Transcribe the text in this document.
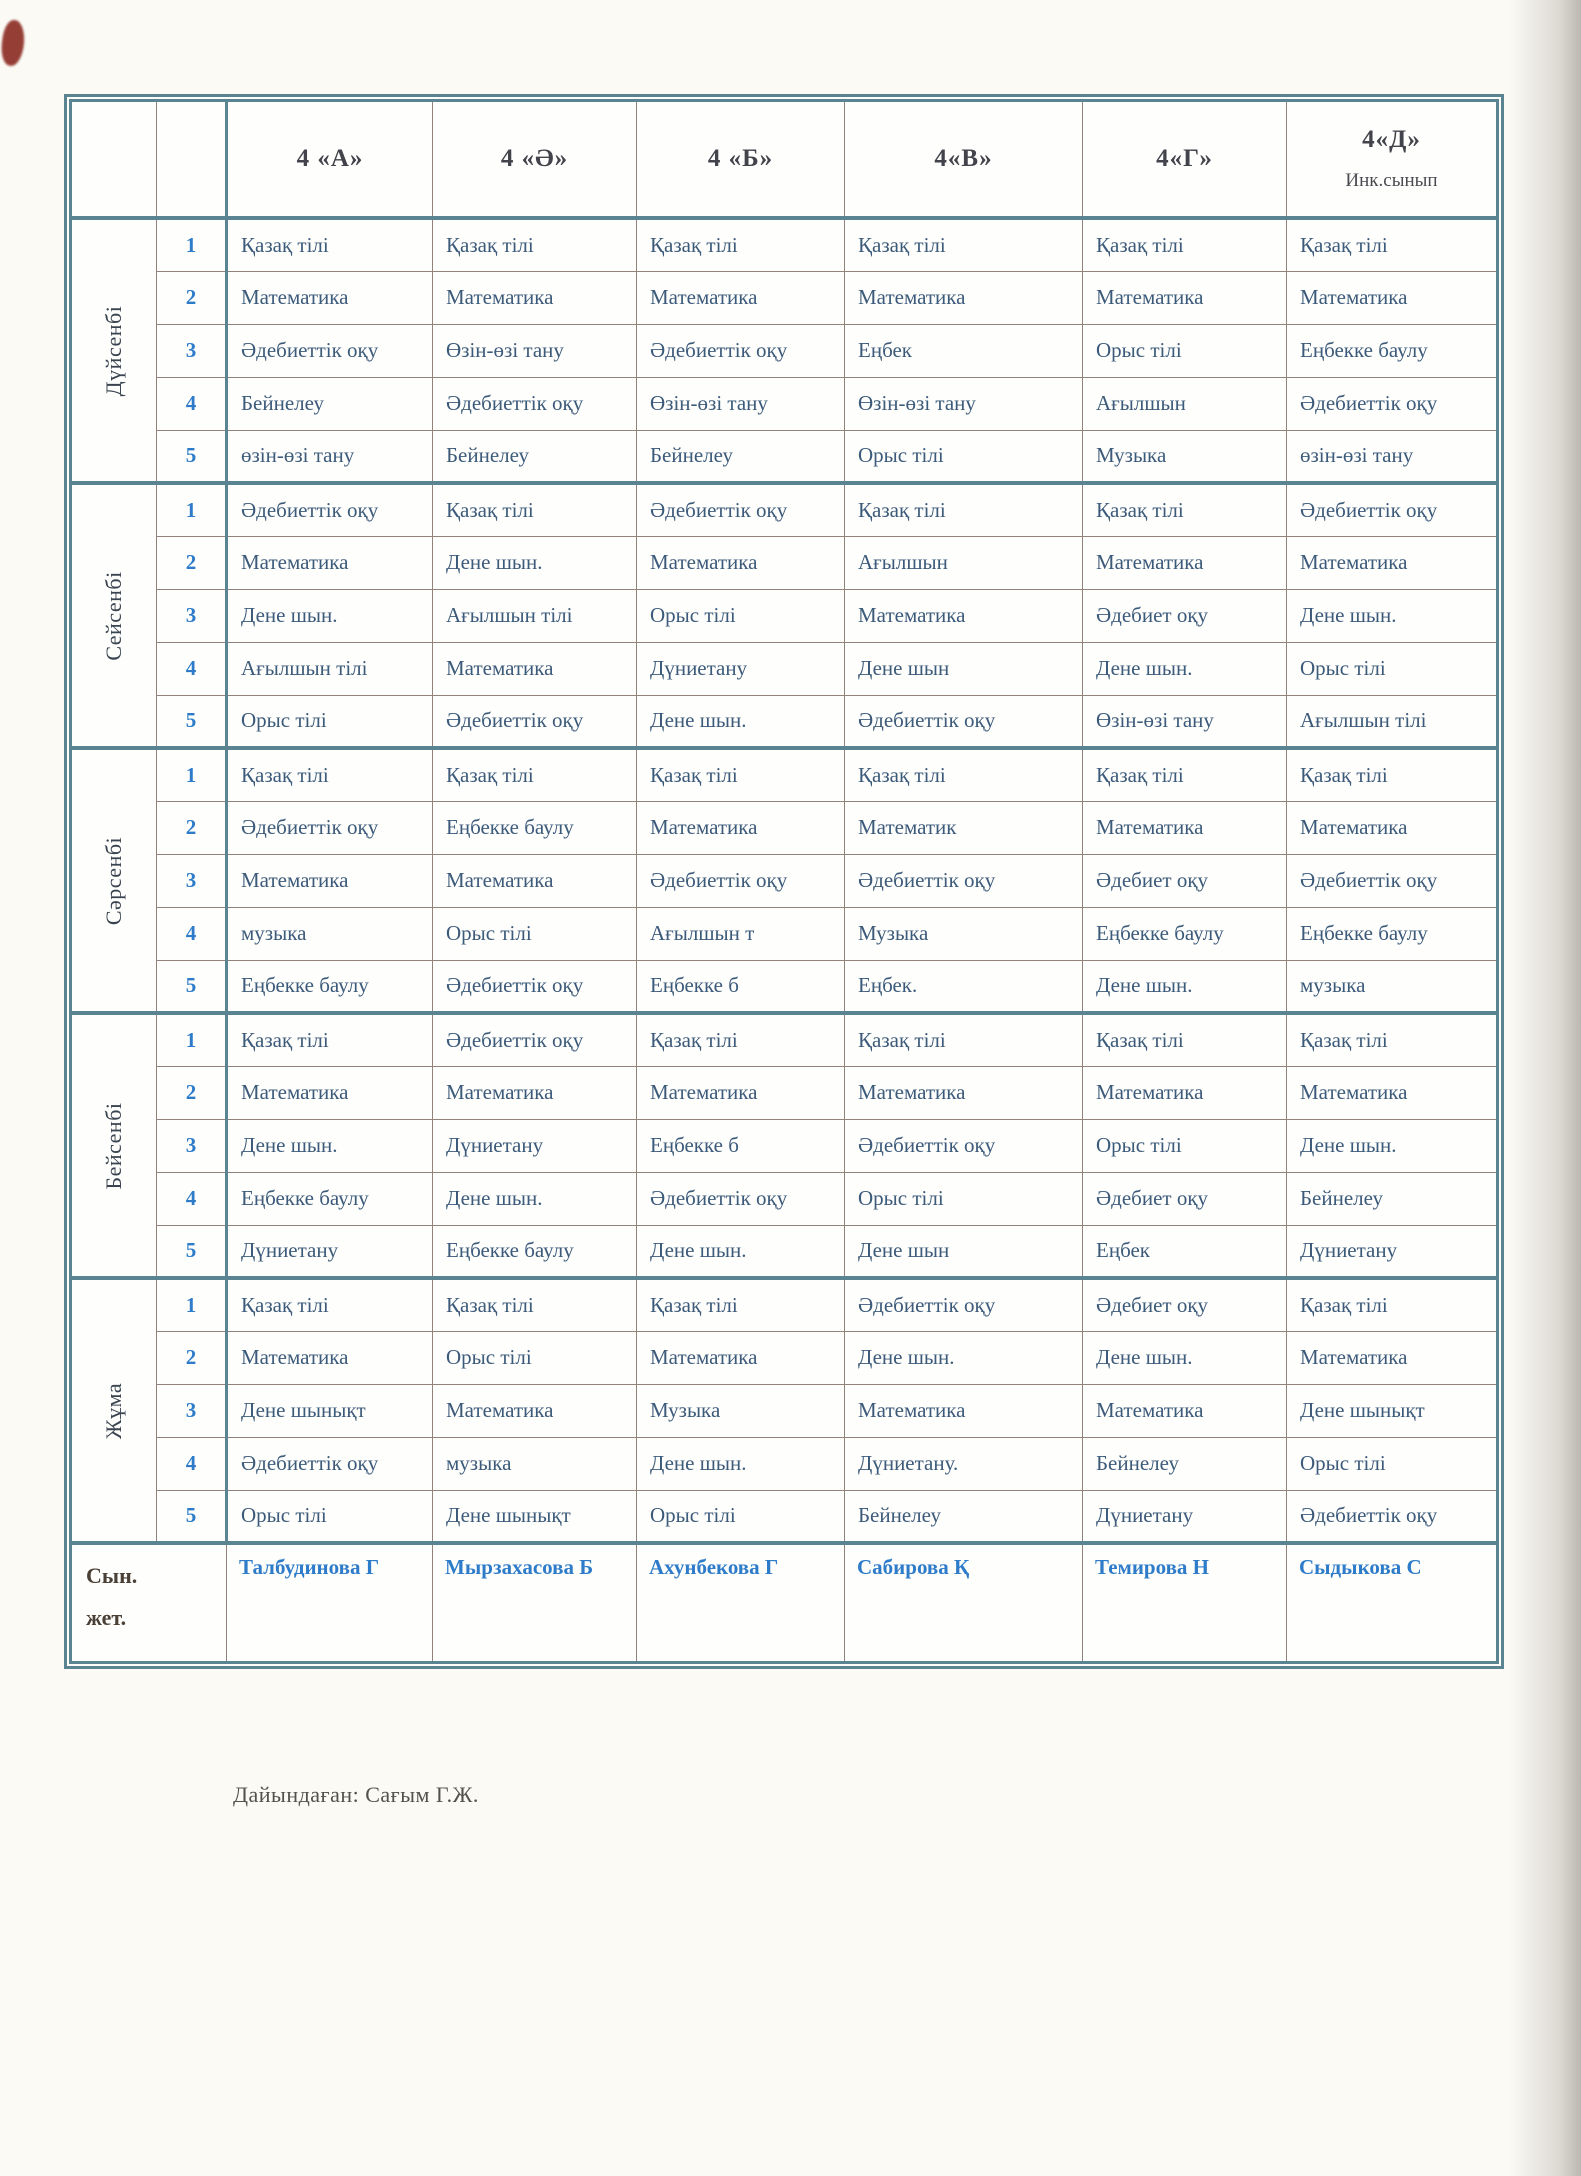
		4 «А»	4 «Ә»	4 «Б»	4«В»	4«Г»	4«Д»
Инк.сынып

Дүйсенбі	1	Қазақ тілі	Қазақ тілі	Қазақ тілі	Қазақ тілі	Қазақ тілі	Қазақ тілі
	2	Математика	Математика	Математика	Математика	Математика	Математика
	3	Әдебиеттік оқу	Өзін-өзі тану	Әдебиеттік оқу	Еңбек	Орыс тілі	Еңбекке баулу
	4	Бейнелеу	Әдебиеттік оқу	Өзін-өзі тану	Өзін-өзі тану	Ағылшын	Әдебиеттік оқу
	5	өзін-өзі тану	Бейнелеу	Бейнелеу	Орыс тілі	Музыка	өзін-өзі тану

Сейсенбі	1	Әдебиеттік оқу	Қазақ тілі	Әдебиеттік оқу	Қазақ тілі	Қазақ тілі	Әдебиеттік оқу
	2	Математика	Дене шын.	Математика	Ағылшын	Математика	Математика
	3	Дене шын.	Ағылшын тілі	Орыс тілі	Математика	Әдебиет оқу	Дене шын.
	4	Ағылшын тілі	Математика	Дүниетану	Дене шын	Дене шын.	Орыс тілі
	5	Орыс тілі	Әдебиеттік оқу	Дене шын.	Әдебиеттік оқу	Өзін-өзі тану	Ағылшын тілі

Сәрсенбі	1	Қазақ тілі	Қазақ тілі	Қазақ тілі	Қазақ тілі	Қазақ тілі	Қазақ тілі
	2	Әдебиеттік оқу	Еңбекке баулу	Математика	Математик	Математика	Математика
	3	Математика	Математика	Әдебиеттік оқу	Әдебиеттік оқу	Әдебиет оқу	Әдебиеттік оқу
	4	музыка	Орыс тілі	Ағылшын т	Музыка	Еңбекке баулу	Еңбекке баулу
	5	Еңбекке баулу	Әдебиеттік оқу	Еңбекке б	Еңбек.	Дене шын.	музыка

Бейсенбі	1	Қазақ тілі	Әдебиеттік оқу	Қазақ тілі	Қазақ тілі	Қазақ тілі	Қазақ тілі
	2	Математика	Математика	Математика	Математика	Математика	Математика
	3	Дене шын.	Дүниетану	Еңбекке б	Әдебиеттік оқу	Орыс тілі	Дене шын.
	4	Еңбекке баулу	Дене шын.	Әдебиеттік оқу	Орыс тілі	Әдебиет оқу	Бейнелеу
	5	Дүниетану	Еңбекке баулу	Дене шын.	Дене шын	Еңбек	Дүниетану

Жұма	1	Қазақ тілі	Қазақ тілі	Қазақ тілі	Әдебиеттік оқу	Әдебиет оқу	Қазақ тілі
	2	Математика	Орыс тілі	Математика	Дене шын.	Дене шын.	Математика
	3	Дене шынықт	Математика	Музыка	Математика	Математика	Дене шынықт
	4	Әдебиеттік оқу	музыка	Дене шын.	Дүниетану.	Бейнелеу	Орыс тілі
	5	Орыс тілі	Дене шынықт	Орыс тілі	Бейнелеу	Дүниетану	Әдебиеттік оқу

Сын.
жет.		Талбудинова Г	Мырзахасова Б	Ахунбекова Г	Сабирова Қ	Темирова Н	Сыдыкова С
Дайындаған: Сағым Г.Ж.
